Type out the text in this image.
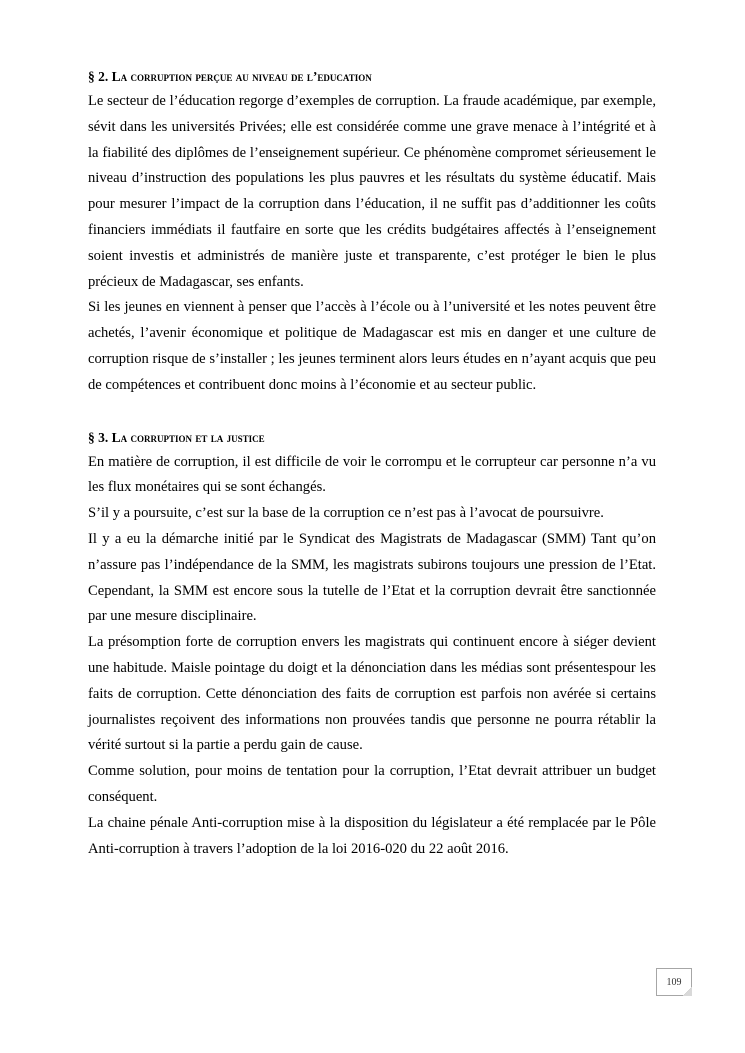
§ 2. La corruption perçue au niveau de l’education

Le secteur de l’éducation regorge d’exemples de corruption. La fraude académique, par exemple, sévit dans les universités Privées; elle est considérée comme une grave menace à l’intégrité et à la fiabilité des diplômes de l’enseignement supérieur. Ce phénomène compromet sérieusement le niveau d’instruction des populations les plus pauvres et les résultats du système éducatif. Mais pour mesurer l’impact de la corruption dans l’éducation, il ne suffit pas d’additionner les coûts financiers immédiats il fautfaire en sorte que les crédits budgétaires affectés à l’enseignement soient investis et administrés de manière juste et transparente, c’est protéger le bien le plus précieux de Madagascar, ses enfants.

Si les jeunes en viennent à penser que l’accès à l’école ou à l’université et les notes peuvent être achetés, l’avenir économique et politique de Madagascar est mis en danger et une culture de corruption risque de s’installer ; les jeunes terminent alors leurs études en n’ayant acquis que peu de compétences et contribuent donc moins à l’économie et au secteur public.

§ 3. La corruption et la justice

En matière de corruption, il est difficile de voir le corrompu et le corrupteur car personne n’a vu les flux monétaires qui se sont échangés.

S’il y a poursuite, c’est sur la base de la corruption ce n’est pas à l’avocat de poursuivre.

Il y a eu la démarche initié par le Syndicat des Magistrats de Madagascar (SMM) Tant qu’on n’assure pas l’indépendance de la SMM, les magistrats subirons toujours une pression de l’Etat. Cependant, la SMM est encore sous la tutelle de l’Etat et la corruption devrait être sanctionnée par une mesure disciplinaire.

La présomption forte de corruption envers les magistrats qui continuent encore à siéger devient une habitude. Maisle pointage du doigt et la dénonciation dans les médias sont présentespour les faits de corruption. Cette dénonciation des faits de corruption est parfois non avérée si certains journalistes reçoivent des informations non prouvées tandis que personne ne pourra rétablir la vérité surtout si la partie a perdu gain de cause.

Comme solution, pour moins de tentation pour la corruption, l’Etat devrait attribuer un budget conséquent.

La chaine pénale Anti-corruption mise à la disposition du législateur a été remplacée par le Pôle Anti-corruption à travers l’adoption de la loi 2016-020 du 22 août 2016.

109
